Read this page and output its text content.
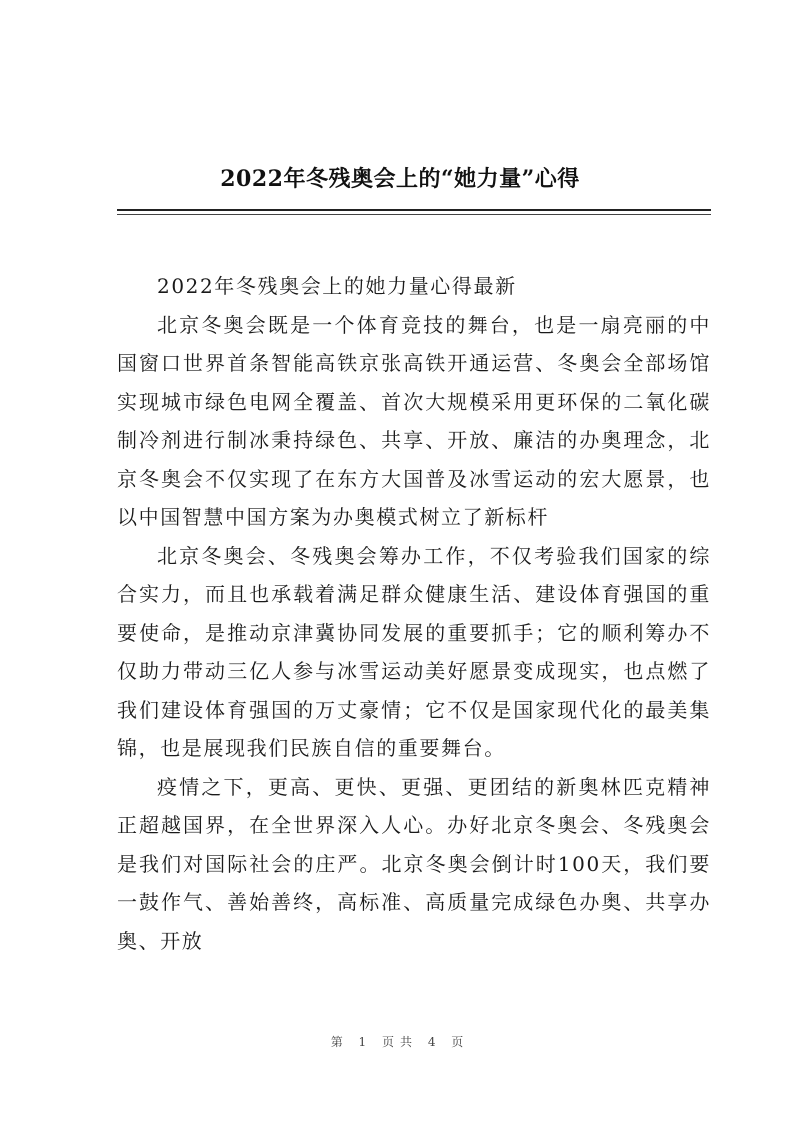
2022年冬残奥会上的“她力量”心得

2022年冬残奥会上的她力量心得最新

北京冬奥会既是一个体育竞技的舞台，也是一扇亮丽的中国窗口世界首条智能高铁京张高铁开通运营、冬奥会全部场馆实现城市绿色电网全覆盖、首次大规模采用更环保的二氧化碳制冷剂进行制冰秉持绿色、共享、开放、廉洁的办奥理念，北京冬奥会不仅实现了在东方大国普及冰雪运动的宏大愿景，也以中国智慧中国方案为办奥模式树立了新标杆

北京冬奥会、冬残奥会筹办工作，不仅考验我们国家的综合实力，而且也承载着满足群众健康生活、建设体育强国的重要使命，是推动京津冀协同发展的重要抓手；它的顺利筹办不仅助力带动三亿人参与冰雪运动美好愿景变成现实，也点燃了我们建设体育强国的万丈豪情；它不仅是国家现代化的最美集锦，也是展现我们民族自信的重要舞台。

疫情之下，更高、更快、更强、更团结的新奥林匹克精神正超越国界，在全世界深入人心。办好北京冬奥会、冬残奥会是我们对国际社会的庄严。北京冬奥会倒计时100天，我们要一鼓作气、善始善终，高标准、高质量完成绿色办奥、共享办奥、开放

第 1 页共 4 页
